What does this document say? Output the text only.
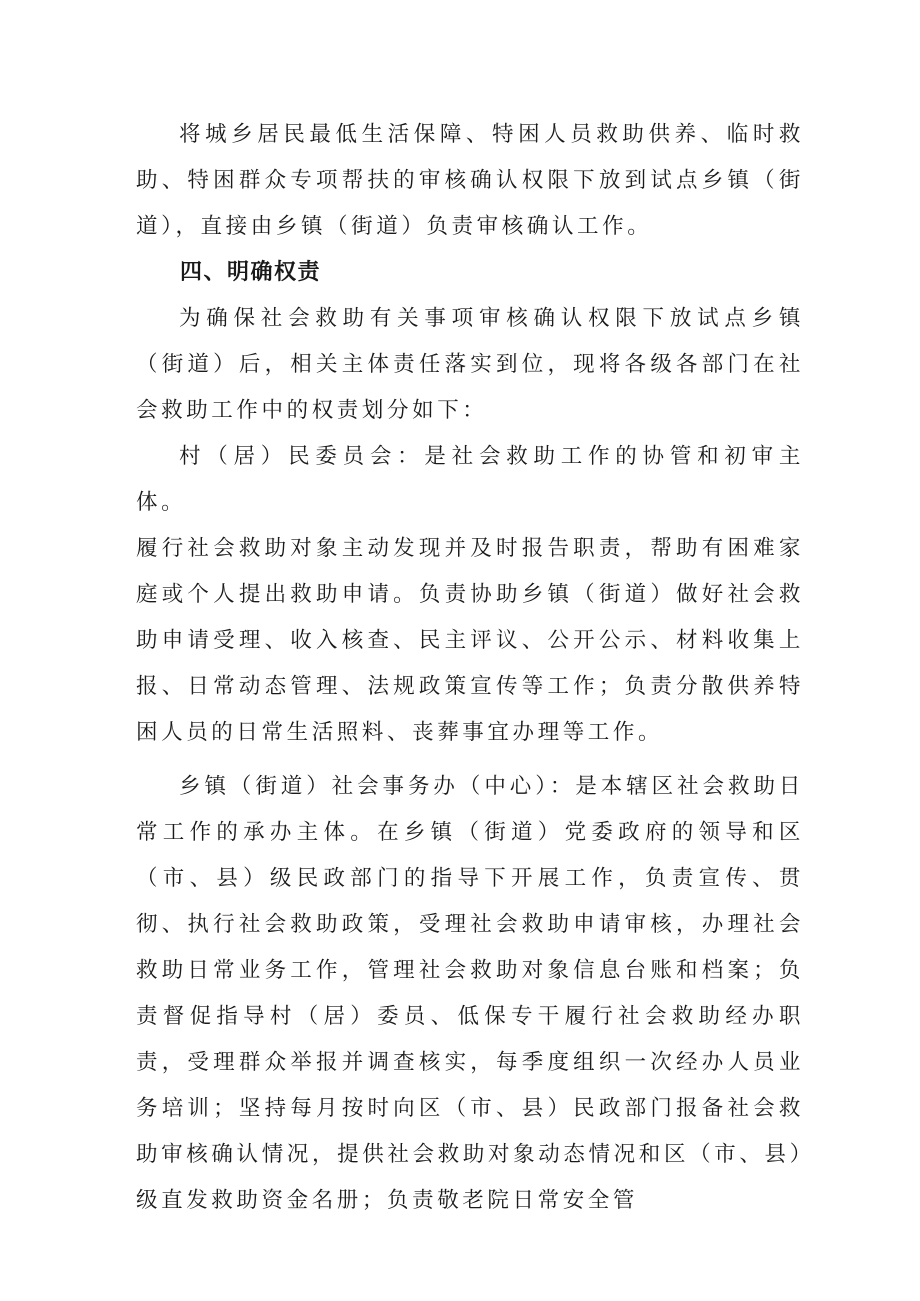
将城乡居民最低生活保障、特困人员救助供养、临时救助、特困群众专项帮扶的审核确认权限下放到试点乡镇（街道），直接由乡镇（街道）负责审核确认工作。

四、明确权责

为确保社会救助有关事项审核确认权限下放试点乡镇（街道）后，相关主体责任落实到位，现将各级各部门在社会救助工作中的权责划分如下：

村（居）民委员会：是社会救助工作的协管和初审主体。

履行社会救助对象主动发现并及时报告职责，帮助有困难家庭或个人提出救助申请。负责协助乡镇（街道）做好社会救助申请受理、收入核查、民主评议、公开公示、材料收集上报、日常动态管理、法规政策宣传等工作；负责分散供养特困人员的日常生活照料、丧葬事宜办理等工作。

乡镇（街道）社会事务办（中心）：是本辖区社会救助日常工作的承办主体。在乡镇（街道）党委政府的领导和区（市、县）级民政部门的指导下开展工作，负责宣传、贯彻、执行社会救助政策，受理社会救助申请审核，办理社会救助日常业务工作，管理社会救助对象信息台账和档案；负责督促指导村（居）委员、低保专干履行社会救助经办职责，受理群众举报并调查核实，每季度组织一次经办人员业务培训；坚持每月按时向区（市、县）民政部门报备社会救助审核确认情况，提供社会救助对象动态情况和区（市、县）级直发救助资金名册；负责敬老院日常安全管
